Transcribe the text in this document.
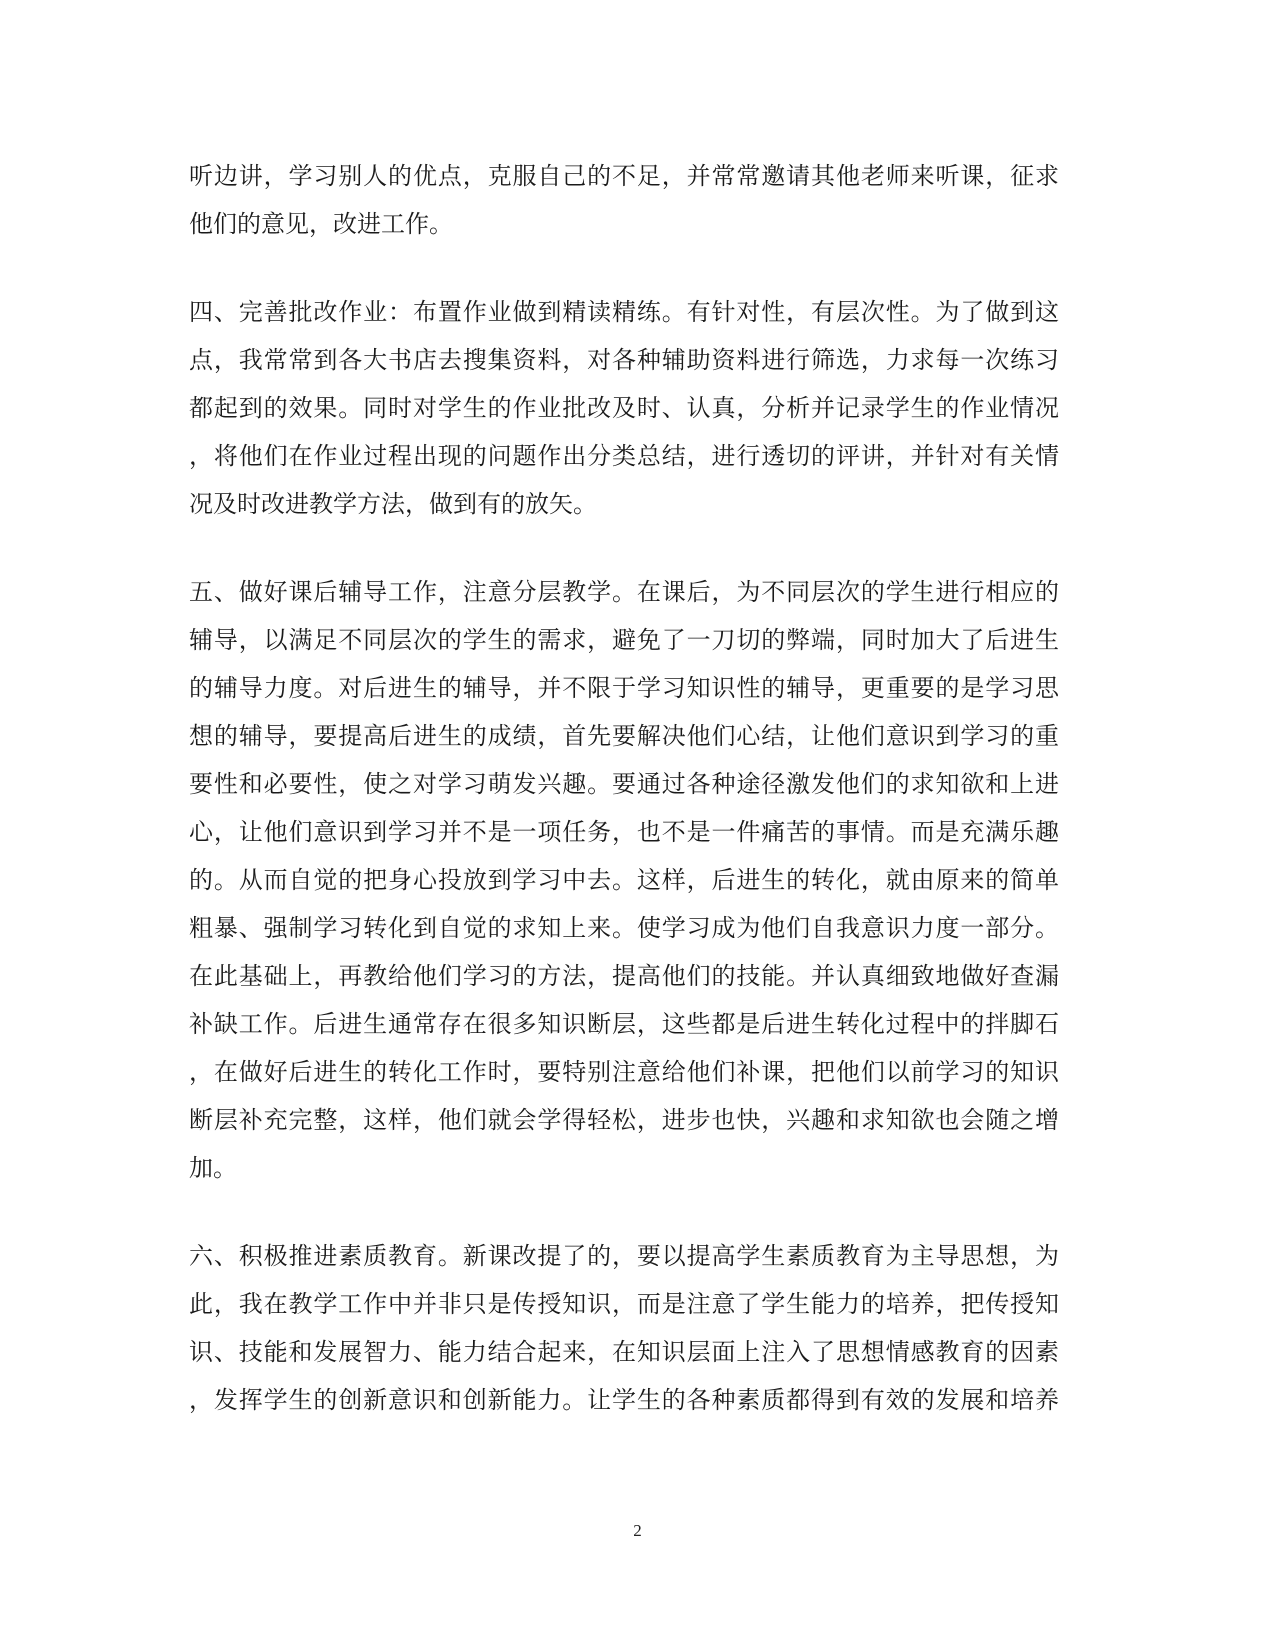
听边讲，学习别人的优点，克服自己的不足，并常常邀请其他老师来听课，征求
他们的意见，改进工作。
四、完善批改作业：布置作业做到精读精练。有针对性，有层次性。为了做到这
点，我常常到各大书店去搜集资料，对各种辅助资料进行筛选，力求每一次练习
都起到的效果。同时对学生的作业批改及时、认真，分析并记录学生的作业情况
，将他们在作业过程出现的问题作出分类总结，进行透切的评讲，并针对有关情
况及时改进教学方法，做到有的放矢。
五、做好课后辅导工作，注意分层教学。在课后，为不同层次的学生进行相应的
辅导，以满足不同层次的学生的需求，避免了一刀切的弊端，同时加大了后进生
的辅导力度。对后进生的辅导，并不限于学习知识性的辅导，更重要的是学习思
想的辅导，要提高后进生的成绩，首先要解决他们心结，让他们意识到学习的重
要性和必要性，使之对学习萌发兴趣。要通过各种途径激发他们的求知欲和上进
心，让他们意识到学习并不是一项任务，也不是一件痛苦的事情。而是充满乐趣
的。从而自觉的把身心投放到学习中去。这样，后进生的转化，就由原来的简单
粗暴、强制学习转化到自觉的求知上来。使学习成为他们自我意识力度一部分。
在此基础上，再教给他们学习的方法，提高他们的技能。并认真细致地做好查漏
补缺工作。后进生通常存在很多知识断层，这些都是后进生转化过程中的拌脚石
，在做好后进生的转化工作时，要特别注意给他们补课，把他们以前学习的知识
断层补充完整，这样，他们就会学得轻松，进步也快，兴趣和求知欲也会随之增
加。
六、积极推进素质教育。新课改提了的，要以提高学生素质教育为主导思想，为
此，我在教学工作中并非只是传授知识，而是注意了学生能力的培养，把传授知
识、技能和发展智力、能力结合起来，在知识层面上注入了思想情感教育的因素
，发挥学生的创新意识和创新能力。让学生的各种素质都得到有效的发展和培养
2
